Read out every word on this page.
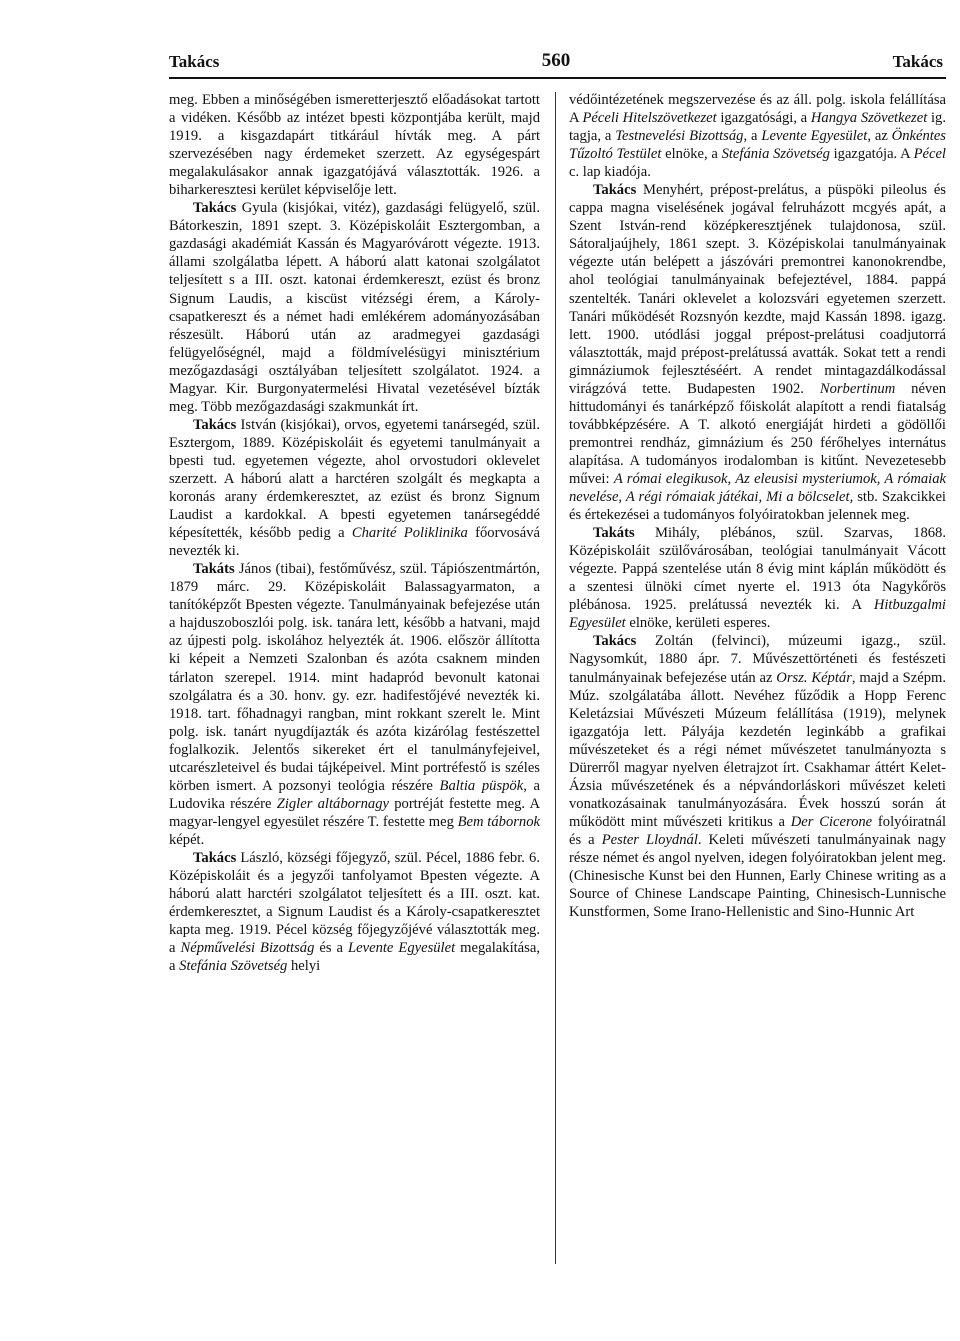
Takács	560	Takács

meg. Ebben a minőségében ismeretterjesztő előadásokat tartott a vidéken. Később az intézet bpesti központjába került, majd 1919. a kisgazdapárt titkárául hívták meg. A párt szervezésében nagy érdemeket szerzett. Az egységespárt megalakulásakor annak igazgatójává választották. 1926. a biharkeresztesi kerület képviselője lett.

Takács Gyula (kisjókai, vitéz), gazdasági felügyelő, szül. Bátorkeszin, 1891 szept. 3. Középiskoláit Esztergomban, a gazdasági akadémiát Kassán és Magyaróvárott végezte. 1913. állami szolgálatba lépett. A háború alatt katonai szolgálatot teljesített s a III. oszt. katonai érdemkereszt, ezüst és bronz Signum Laudis, a kiscüst vitézségi érem, a Károly-csapatkereszt és a német hadi emlékérem adományozásában részesült. Háború után az aradmegyei gazdasági felügyelőségnél, majd a földmívelésügyi minisztérium mezőgazdasági osztályában teljesített szolgálatot. 1924. a Magyar. Kir. Burgonyatermelési Hivatal vezetésével bízták meg. Több mezőgazdasági szakmunkát írt.

Takács István (kisjókai), orvos, egyetemi tanársegéd, szül. Esztergom, 1889. Középiskoláit és egyetemi tanulmányait a bpesti tud. egyetemen végezte, ahol orvostudori oklevelet szerzett. A háború alatt a harctéren szolgált és megkapta a koronás arany érdemkeresztet, az ezüst és bronz Signum Laudist a kardokkal. A bpesti egyetemen tanársegéddé képesítették, később pedig a Charité Poliklinika főorvosává nevezték ki.

Takáts János (tibai), festőművész, szül. Tápiószentmártón, 1879 márc. 29. Középiskoláit Balassagyarmaton, a tanítóképzőt Bpesten végezte. Tanulmányainak befejezése után a hajduszoboszlói polg. isk. tanára lett, később a hatvani, majd az újpesti polg. iskolához helyezték át. 1906. először állította ki képeit a Nemzeti Szalonban és azóta csaknem minden tárlaton szerepel. 1914. mint hadapród bevonult katonai szolgálatra és a 30. honv. gy. ezr. hadifestőjévé nevezték ki. 1918. tart. főhadnagyi rangban, mint rokkant szerelt le. Mint polg. isk. tanárt nyugdíjazták és azóta kizárólag festészettel foglalkozik. Jelentős sikereket ért el tanulmányfejeivel, utcarészleteivel és budai tájképeivel. Mint portréfestő is széles körben ismert. A pozsonyi teológia részére Baltia püspök, a Ludovika részére Zigler altábornagy portréját festette meg. A magyar-lengyel egyesület részére T. festette meg Bem tábornok képét.

Takács László, községi főjegyző, szül. Pécel, 1886 febr. 6. Középiskoláit és a jegyzői tanfolyamot Bpesten végezte. A háború alatt harctéri szolgálatot teljesített és a III. oszt. kat. érdemkeresztet, a Signum Laudist és a Károly-csapatkeresztet kapta meg. 1919. Pécel község főjegyzőjévé választották meg. a Népművelési Bizottság és a Levente Egyesület megalakítása, a Stefánia Szövetség helyi

védőintézetének megszervezése és az áll. polg. iskola felállítása A Péceli Hitelszövetkezet igazgatósági, a Hangya Szövetkezet ig. tagja, a Testnevelési Bizottság, a Levente Egyesület, az Önkéntes Tűzoltó Testület elnöke, a Stefánia Szövetség igazgatója. A Pécel c. lap kiadója.

Takács Menyhért, prépost-prelátus, a püspöki pileolus és cappa magna viselésének jogával felruházott mcgyés apát, a Szent István-rend középkeresztjének tulajdonosa, szül. Sátoraljaújhely, 1861 szept. 3. Középiskolai tanulmányainak végezte után belépett a jászóvári premontrei kanonokrendbe, ahol teológiai tanulmányainak befejeztével, 1884. pappá szentelték. Tanári oklevelet a kolozsvári egyetemen szerzett. Tanári működését Rozsnyón kezdte, majd Kassán 1898. igazg. lett. 1900. utódlási joggal prépost-prelátusi coadjutorrá választották, majd prépost-prelátussá avatták. Sokat tett a rendi gimnáziumok fejlesztéséért. A rendet mintagazdálkodással virágzóvá tette. Budapesten 1902. Norbertinum néven hittudományi és tanárképző főiskolát alapított a rendi fiatalság továbbképzésére. A T. alkotó energiáját hirdeti a gödöllői premontrei rendház, gimnázium és 250 férőhelyes internátus alapítása. A tudományos irodalomban is kitűnt. Nevezetesebb művei: A római elegikusok, Az eleusisi mysteriumok, A rómaiak nevelése, A régi rómaiak játékai, Mi a bölcselet, stb. Szakcikkei és értekezései a tudományos folyóiratokban jelennek meg.

Takáts Mihály, plébános, szül. Szarvas, 1868. Középiskoláit szülővárosában, teológiai tanulmányait Vácott végezte. Pappá szentelése után 8 évig mint káplán működött és a szentesi ülnöki címet nyerte el. 1913 óta Nagykőrös plébánosa. 1925. prelátussá nevezték ki. A Hitbuzgalmi Egyesület elnöke, kerületi esperes.

Takács Zoltán (felvinci), múzeumi igazg., szül. Nagysomkút, 1880 ápr. 7. Művészettörténeti és festészeti tanulmányainak befejezése után az Orsz. Képtár, majd a Szépm. Múz. szolgálatába állott. Nevéhez fűződik a Hopp Ferenc Keletázsiai Művészeti Múzeum felállítása (1919), melynek igazgatója lett. Pályája kezdetén leginkább a grafikai művészeteket és a régi német művészetet tanulmányozta s Dürerről magyar nyelven életrajzot írt. Csakhamar áttért Kelet-Ázsia művészetének és a népvándorláskori művészet keleti vonatkozásainak tanulmányozására. Évek hosszú során át működött mint művészeti kritikus a Der Cicerone folyóiratnál és a Pester Lloydnál. Keleti művészeti tanulmányainak nagy része német és angol nyelven, idegen folyóiratokban jelent meg. (Chinesische Kunst bei den Hunnen, Early Chinese writing as a Source of Chinese Landscape Painting, Chinesisch-Lunnische Kunstformen, Some Irano-Hellenistic and Sino-Hunnic Art
